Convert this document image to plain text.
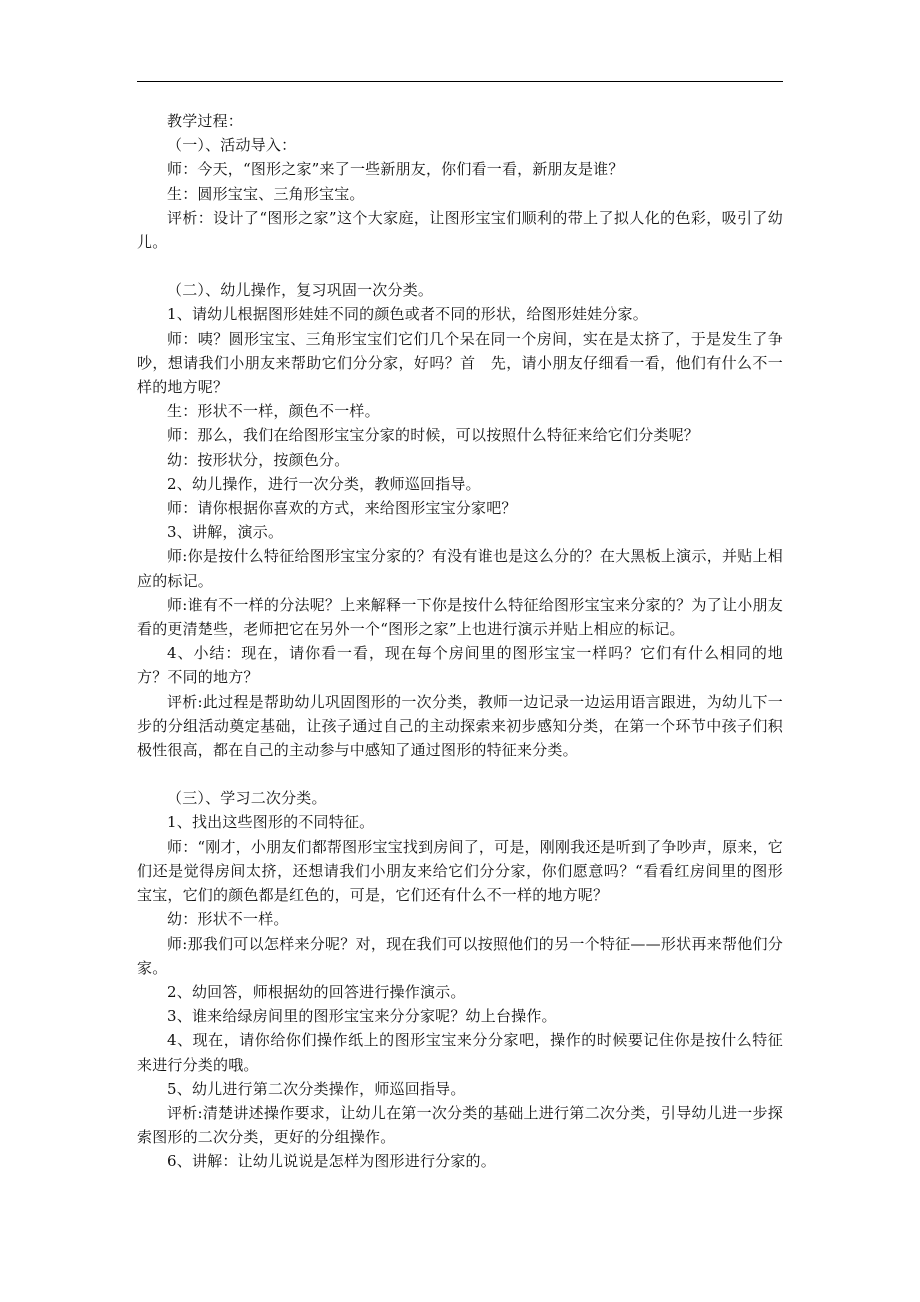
教学过程：

（一）、活动导入：

师：今天，“图形之家”来了一些新朋友，你们看一看，新朋友是谁？

生：圆形宝宝、三角形宝宝。

评析：设计了“图形之家”这个大家庭，让图形宝宝们顺利的带上了拟人化的色彩，吸引了幼儿。

（二）、幼儿操作，复习巩固一次分类。

1、请幼儿根据图形娃娃不同的颜色或者不同的形状，给图形娃娃分家。

师：咦？圆形宝宝、三角形宝宝们它们几个呆在同一个房间，实在是太挤了，于是发生了争吵，想请我们小朋友来帮助它们分分家，好吗？首　先，请小朋友仔细看一看，他们有什么不一样的地方呢？

生：形状不一样，颜色不一样。

师：那么，我们在给图形宝宝分家的时候，可以按照什么特征来给它们分类呢？

幼：按形状分，按颜色分。

2、幼儿操作，进行一次分类，教师巡回指导。

师：请你根据你喜欢的方式，来给图形宝宝分家吧？

3、讲解，演示。

师:你是按什么特征给图形宝宝分家的？有没有谁也是这么分的？在大黑板上演示，并贴上相应的标记。

师:谁有不一样的分法呢？上来解释一下你是按什么特征给图形宝宝来分家的？为了让小朋友看的更清楚些，老师把它在另外一个“图形之家”上也进行演示并贴上相应的标记。

4、小结：现在，请你看一看，现在每个房间里的图形宝宝一样吗？它们有什么相同的地方？不同的地方？

评析:此过程是帮助幼儿巩固图形的一次分类，教师一边记录一边运用语言跟进，为幼儿下一步的分组活动奠定基础，让孩子通过自己的主动探索来初步感知分类，在第一个环节中孩子们积极性很高，都在自己的主动参与中感知了通过图形的特征来分类。

（三）、学习二次分类。

1、找出这些图形的不同特征。

师：“刚才，小朋友们都帮图形宝宝找到房间了，可是，刚刚我还是听到了争吵声，原来，它们还是觉得房间太挤，还想请我们小朋友来给它们分分家，你们愿意吗？“看看红房间里的图形宝宝，它们的颜色都是红色的，可是，它们还有什么不一样的地方呢？

幼：形状不一样。

师:那我们可以怎样来分呢？对，现在我们可以按照他们的另一个特征——形状再来帮他们分家。

2、幼回答，师根据幼的回答进行操作演示。

3、谁来给绿房间里的图形宝宝来分分家呢？幼上台操作。

4、现在，请你给你们操作纸上的图形宝宝来分分家吧，操作的时候要记住你是按什么特征来进行分类的哦。

5、幼儿进行第二次分类操作，师巡回指导。

评析:清楚讲述操作要求，让幼儿在第一次分类的基础上进行第二次分类，引导幼儿进一步探索图形的二次分类，更好的分组操作。

6、讲解：让幼儿说说是怎样为图形进行分家的。
